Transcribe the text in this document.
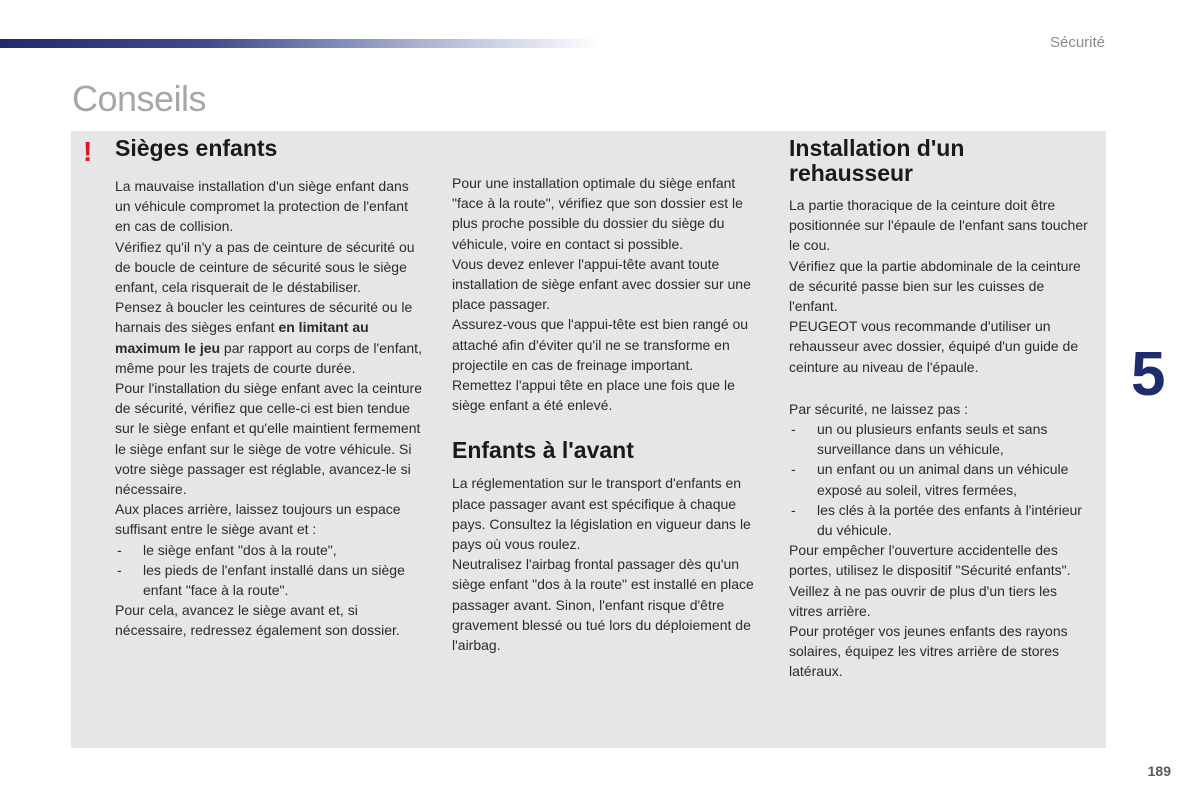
Sécurité
Conseils
! Sièges enfants

La mauvaise installation d'un siège enfant dans un véhicule compromet la protection de l'enfant en cas de collision.

Vérifiez qu'il n'y a pas de ceinture de sécurité ou de boucle de ceinture de sécurité sous le siège enfant, cela risquerait de le déstabiliser.

Pensez à boucler les ceintures de sécurité ou le harnais des sièges enfant en limitant au maximum le jeu par rapport au corps de l'enfant, même pour les trajets de courte durée.

Pour l'installation du siège enfant avec la ceinture de sécurité, vérifiez que celle-ci est bien tendue sur le siège enfant et qu'elle maintient fermement le siège enfant sur le siège de votre véhicule. Si votre siège passager est réglable, avancez-le si nécessaire.

Aux places arrière, laissez toujours un espace suffisant entre le siège avant et :

- le siège enfant "dos à la route",
- les pieds de l'enfant installé dans un siège enfant "face à la route".

Pour cela, avancez le siège avant et, si nécessaire, redressez également son dossier.

Pour une installation optimale du siège enfant "face à la route", vérifiez que son dossier est le plus proche possible du dossier du siège du véhicule, voire en contact si possible.

Vous devez enlever l'appui-tête avant toute installation de siège enfant avec dossier sur une place passager.

Assurez-vous que l'appui-tête est bien rangé ou attaché afin d'éviter qu'il ne se transforme en projectile en cas de freinage important.

Remettez l'appui tête en place une fois que le siège enfant a été enlevé.

Enfants à l'avant

La réglementation sur le transport d'enfants en place passager avant est spécifique à chaque pays. Consultez la législation en vigueur dans le pays où vous roulez.

Neutralisez l'airbag frontal passager dès qu'un siège enfant "dos à la route" est installé en place passager avant. Sinon, l'enfant risque d'être gravement blessé ou tué lors du déploiement de l'airbag.

Installation d'un rehausseur

La partie thoracique de la ceinture doit être positionnée sur l'épaule de l'enfant sans toucher le cou.

Vérifiez que la partie abdominale de la ceinture de sécurité passe bien sur les cuisses de l'enfant.

PEUGEOT vous recommande d'utiliser un rehausseur avec dossier, équipé d'un guide de ceinture au niveau de l'épaule.

Par sécurité, ne laissez pas :

- un ou plusieurs enfants seuls et sans surveillance dans un véhicule,
- un enfant ou un animal dans un véhicule exposé au soleil, vitres fermées,
- les clés à la portée des enfants à l'intérieur du véhicule.

Pour empêcher l'ouverture accidentelle des portes, utilisez le dispositif "Sécurité enfants".

Veillez à ne pas ouvrir de plus d'un tiers les vitres arrière.

Pour protéger vos jeunes enfants des rayons solaires, équipez les vitres arrière de stores latéraux.

5
189
